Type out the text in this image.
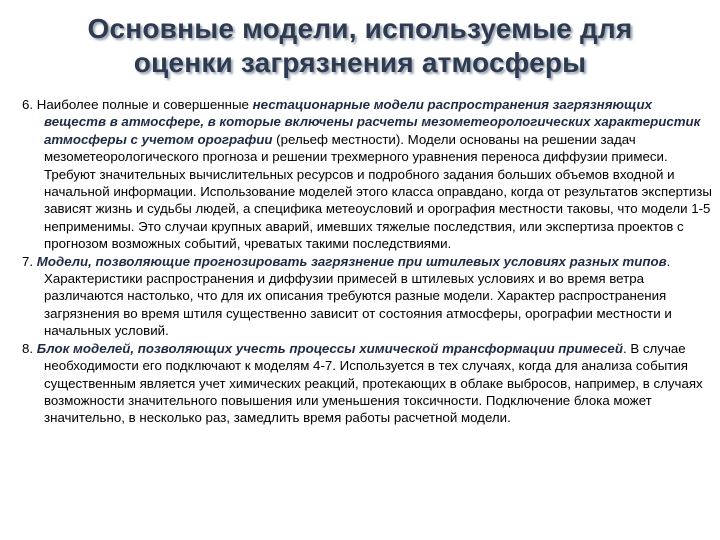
Основные модели, используемые для
оценки загрязнения атмосферы

6. Наиболее полные и совершенные нестационарные модели распространения загрязняющих веществ в атмосфере, в которые включены расчеты мезометеорологических характеристик атмосферы с учетом орографии (рельеф местности). Модели основаны на решении задач мезометеорологического прогноза и решении трехмерного уравнения переноса диффузии примеси. Требуют значительных вычислительных ресурсов и подробного задания больших объемов входной и начальной информации. Использование моделей этого класса оправдано, когда от результатов экспертизы зависят жизнь и судьбы людей, а специфика метеоусловий и орография местности таковы, что модели 1-5 неприменимы. Это случаи крупных аварий, имевших тяжелые последствия, или экспертиза проектов с прогнозом возможных событий, чреватых такими последствиями.

7. Модели, позволяющие прогнозировать загрязнение при штилевых условиях разных типов. Характеристики распространения и диффузии примесей в штилевых условиях и во время ветра различаются настолько, что для их описания требуются разные модели. Характер распространения загрязнения во время штиля существенно зависит от состояния атмосферы, орографии местности и начальных условий.

8. Блок моделей, позволяющих учесть процессы химической трансформации примесей. В случае необходимости его подключают к моделям 4-7. Используется в тех случаях, когда для анализа события существенным является учет химических реакций, протекающих в облаке выбросов, например, в случаях возможности значительного повышения или уменьшения токсичности. Подключение блока может значительно, в несколько раз, замедлить время работы расчетной модели.
